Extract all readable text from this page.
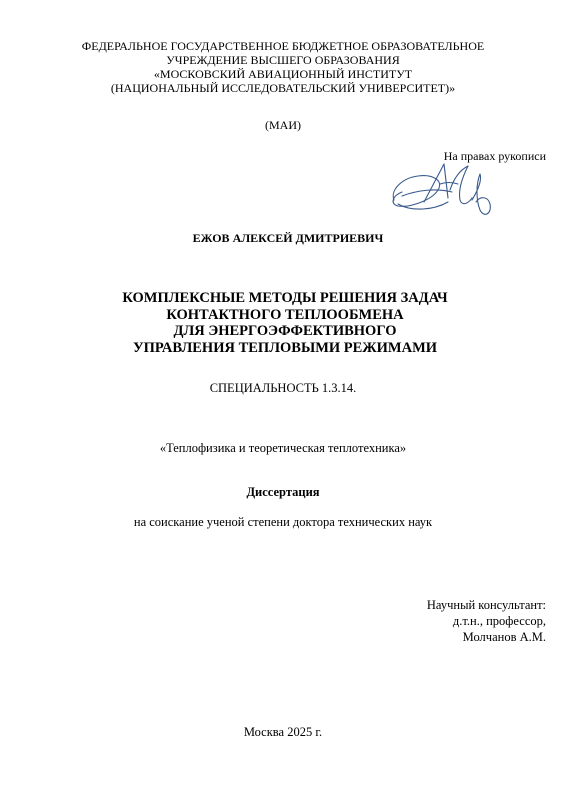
ФЕДЕРАЛЬНОЕ ГОСУДАРСТВЕННОЕ БЮДЖЕТНОЕ ОБРАЗОВАТЕЛЬНОЕ
УЧРЕЖДЕНИЕ ВЫСШЕГО ОБРАЗОВАНИЯ
«МОСКОВСКИЙ АВИАЦИОННЫЙ ИНСТИТУТ
(НАЦИОНАЛЬНЫЙ ИССЛЕДОВАТЕЛЬСКИЙ УНИВЕРСИТЕТ)»
(МАИ)
На правах рукописи
ЕЖОВ АЛЕКСЕЙ ДМИТРИЕВИЧ
КОМПЛЕКСНЫЕ МЕТОДЫ РЕШЕНИЯ ЗАДАЧ
КОНТАКТНОГО ТЕПЛООБМЕНА
ДЛЯ ЭНЕРГОЭФФЕКТИВНОГО
УПРАВЛЕНИЯ ТЕПЛОВЫМИ РЕЖИМАМИ
СПЕЦИАЛЬНОСТЬ 1.3.14.
«Теплофизика и теоретическая теплотехника»
Диссертация
на соискание ученой степени доктора технических наук
Научный консультант:
д.т.н., профессор,
Молчанов А.М.
Москва 2025 г.
